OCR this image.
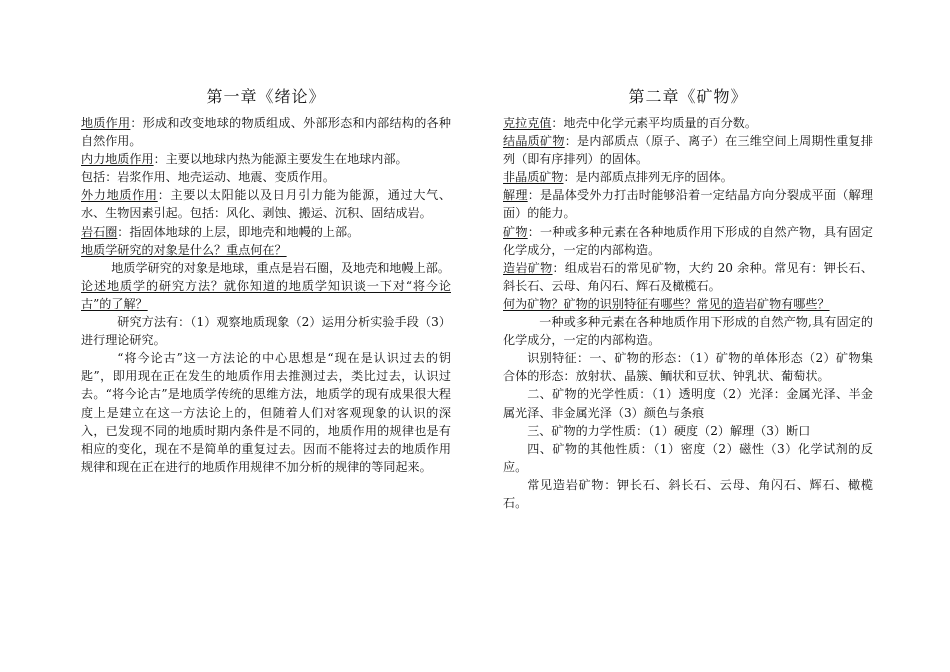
第一章《绪论》

地质作用：形成和改变地球的物质组成、外部形态和内部结构的各种自然作用。

内力地质作用：主要以地球内热为能源主要发生在地球内部。

包括：岩浆作用、地壳运动、地震、变质作用。

外力地质作用：主要以太阳能以及日月引力能为能源，通过大气、水、生物因素引起。包括：风化、剥蚀、搬运、沉积、固结成岩。

岩石圈：指固体地球的上层，即地壳和地幔的上部。

地质学研究的对象是什么？重点何在？

地质学研究的对象是地球，重点是岩石圈，及地壳和地幔上部。

论述地质学的研究方法？就你知道的地质学知识谈一下对“将今论古”的了解？

研究方法有：（1）观察地质现象（2）运用分析实验手段（3）进行理论研究。

“将今论古”这一方法论的中心思想是“现在是认识过去的钥匙”，即用现在正在发生的地质作用去推测过去，类比过去，认识过去。“将今论古”是地质学传统的思维方法，地质学的现有成果很大程度上是建立在这一方法论上的，但随着人们对客观现象的认识的深入，已发现不同的地质时期内条件是不同的，地质作用的规律也是有相应的变化，现在不是简单的重复过去。因而不能将过去的地质作用规律和现在正在进行的地质作用规律不加分析的规律的等同起来。

第二章《矿物》

克拉克值：地壳中化学元素平均质量的百分数。

结晶质矿物：是内部质点（原子、离子）在三维空间上周期性重复排列（即有序排列）的固体。

非晶质矿物：是内部质点排列无序的固体。

解理：是晶体受外力打击时能够沿着一定结晶方向分裂成平面（解理面）的能力。

矿物：一种或多种元素在各种地质作用下形成的自然产物，具有固定化学成分，一定的内部构造。

造岩矿物：组成岩石的常见矿物，大约 20 余种。常见有：钾长石、斜长石、云母、角闪石、辉石及橄榄石。

何为矿物？矿物的识别特征有哪些？常见的造岩矿物有哪些？

一种或多种元素在各种地质作用下形成的自然产物,具有固定的化学成分，一定的内部构造。

识别特征：一、矿物的形态：（1）矿物的单体形态（2）矿物集合体的形态：放射状、晶簇、鲕状和豆状、钟乳状、葡萄状。

二、矿物的光学性质：（1）透明度（2）光泽：金属光泽、半金属光泽、非金属光泽（3）颜色与条痕

三、矿物的力学性质：（1）硬度（2）解理（3）断口

四、矿物的其他性质：（1）密度（2）磁性（3）化学试剂的反应。

常见造岩矿物：钾长石、斜长石、云母、角闪石、辉石、橄榄石。
